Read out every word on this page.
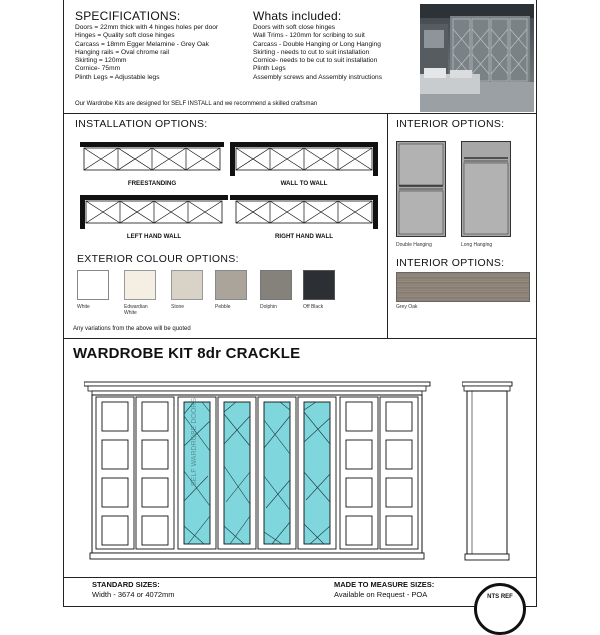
SPECIFICATIONS:
Doors = 22mm thick with 4 hinges holes per door
Hinges = Quality soft close hinges
Carcass = 18mm Egger Melamine - Grey Oak
Hanging rails = Oval chrome rail
Skirting = 120mm
Cornice- 75mm
Plinth Legs = Adjustable legs
Whats included:
Doors with soft close hinges
Wall Trims - 120mm for scribing to suit
Carcass - Double Hanging or Long Hanging
Skirting - needs to cut to suit installation
Cornice- needs to be cut to suit installation
Plinth Legs
Assembly screws and Assembly instructions
Our Wardrobe Kits are designed for SELF INSTALL and we recommend a skilled craftsman
INSTALLATION OPTIONS:
FREESTANDING	WALL TO WALL
LEFT HAND WALL	RIGHT HAND WALL
EXTERIOR COLOUR OPTIONS:
White	Edwardian White
Stone	Pebble	Dolphin	Off Black
Any variations from the above will be quoted
INTERIOR OPTIONS:
Double Hanging	Long Hanging
INTERIOR OPTIONS:
Grey Oak
WARDROBE KIT 8dr CRACKLE
SELF WARDROBE DOORS
STANDARD SIZES:
Width - 3674 or 4072mm
MADE TO MEASURE SIZES:
Available on Request - POA	NTS REF
